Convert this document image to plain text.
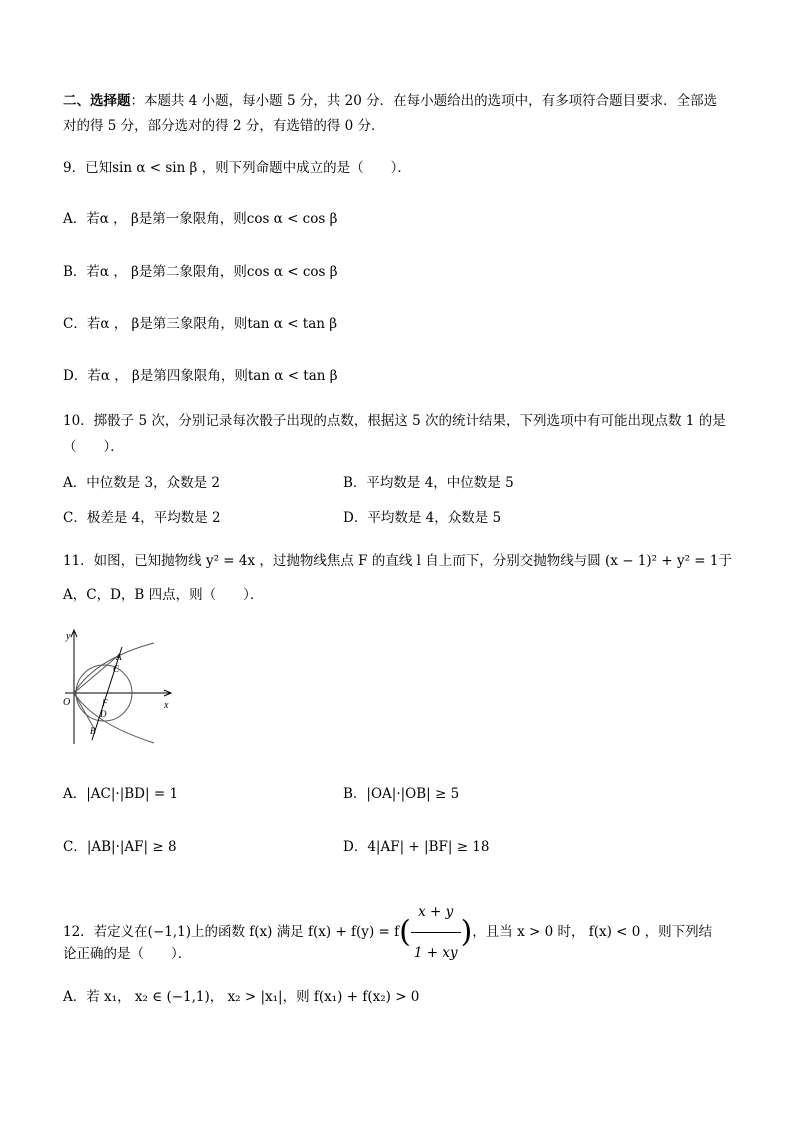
二、选择题：本题共 4 小题，每小题 5 分，共 20 分．在每小题给出的选项中，有多项符合题目要求．全部选
对的得 5 分，部分选对的得 2 分，有选错的得 0 分．
9．已知sin α < sin β ，则下列命题中成立的是（　　）．
A．若α ， β是第一象限角，则cos α < cos β
B．若α ， β是第二象限角，则cos α < cos β
C．若α ， β是第三象限角，则tan α < tan β
D．若α ， β是第四象限角，则tan α < tan β
10．掷骰子 5 次，分别记录每次骰子出现的点数，根据这 5 次的统计结果，下列选项中有可能出现点数 1 的是
（　　）．
A．中位数是 3，众数是 2	B．平均数是 4，中位数是 5
C．极差是 4，平均数是 2	D．平均数是 4，众数是 5
11．如图，已知抛物线 y² = 4x ，过抛物线焦点 F 的直线 l 自上而下，分别交抛物线与圆 (x − 1)² + y² = 1于
A，C，D，B 四点，则（　　）．
y
x
O	F
A
C
D
B
A．|AC|·|BD| = 1	B．|OA|·|OB| ≥ 5
C．|AB|·|AF| ≥ 8	D．4|AF| + |BF| ≥ 18
12．若定义在(−1,1)上的函数 f(x) 满足 $f(x) + f(y) = f( \frac{x + y}{1 + xy}$ )，且当 x > 0 时， f(x) < 0 ，则下列结
论正确的是（　　）．
A．若 x₁， x₂ ∈ (−1,1)， x₂ > |x₁|，则 f(x₁) + f(x₂) > 0
